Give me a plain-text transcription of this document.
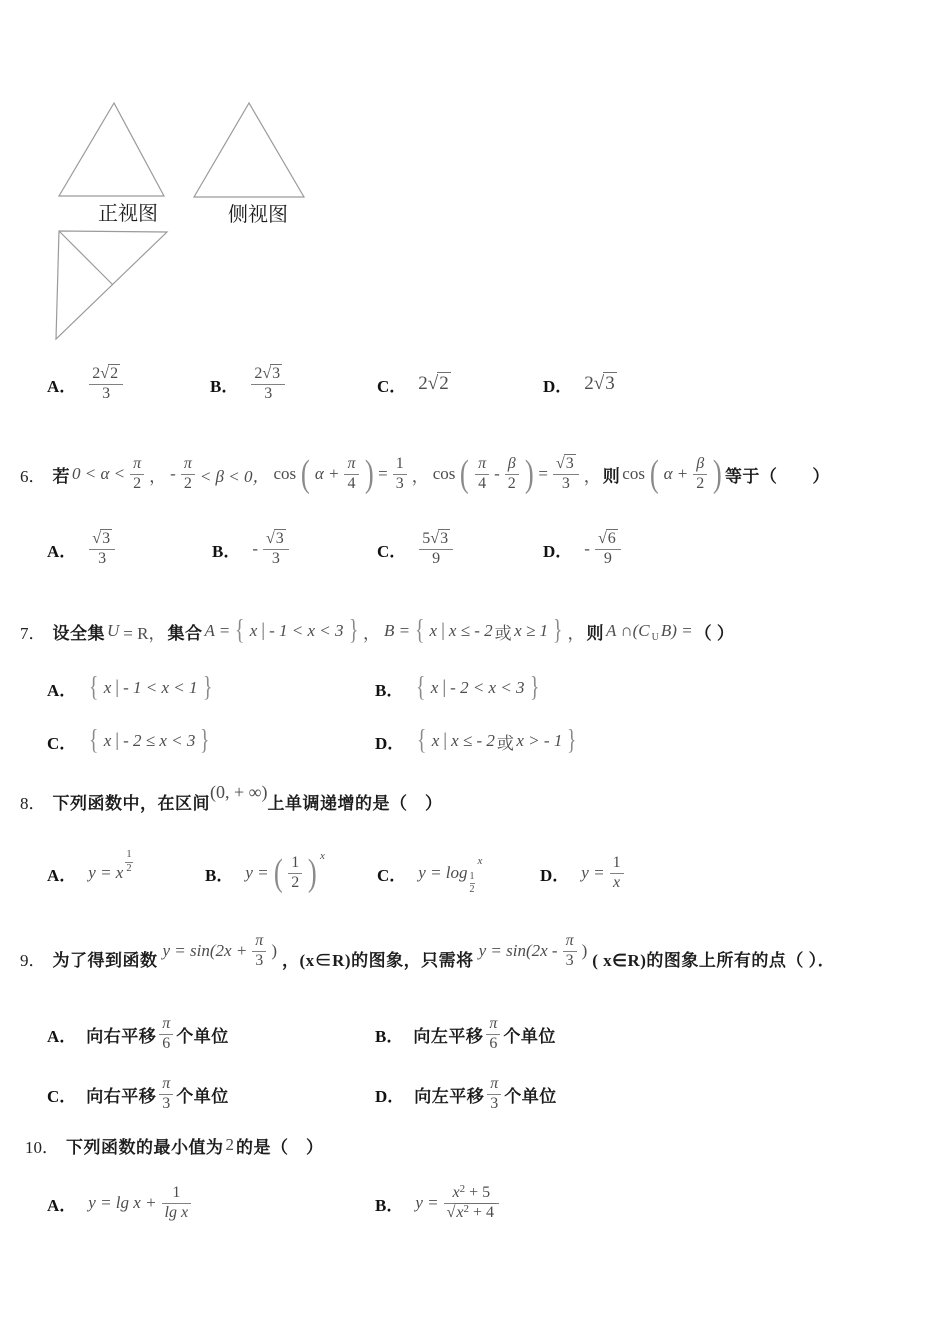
正视图	侧视图
A． $\frac{2√2}{3}$	B． $\frac{2√3}{3}$	C． 2√2	D． 2√3
6． 若 $0 < \alpha < \frac{\pi}{2}$ ， - $\frac{\pi}{2} < \beta < 0$， cos ( $\alpha + \frac{\pi}{4}$ ) = $\frac{1}{3}$ ， cos ( $\frac{\pi}{4} - \frac{\beta}{2}$ ) = $\frac{√3}{3}$ ， 则 cos ( $\alpha + \frac{\beta}{2}$ ) 等于（　　）
A． $\frac{√3}{3}$	B． - $\frac{√3}{3}$	C． $\frac{5√3}{9}$	D． - $\frac{√6}{9}$
7． 设全集 U = R， 集合 A = { x | - 1 < x < 3 } ， B = { x | x ≤ - 2 或 x ≥ 1 } ， 则 A ∩(C U B) = （ ）
A． { x | - 1 < x < 1 }	B． { x | - 2 < x < 3 }
C． { x | - 2 ≤ x < 3 }	D． { x | x ≤ - 2 或 x > - 1 }
8． 下列函数中，在区间
(0, + ∞)
上单调递增的是（　）
A． y = x $\frac{1}{2}$
B． y = ( $\frac{1}{2}$ ) x
C． $y = \log \frac{1}{2}$
x
D． $y = \frac{1}{x}$
9． 为了得到函数 $y = \sin(2x + \frac{\pi}{3}$ ) ，(x∈R)的图象，只需将 $y = \sin(2x - \frac{\pi}{3}$ ) ( x∈R)的图象上所有的点（ ）．
A． 向右平移 $\frac{\pi}{6}$ 个单位	B． 向左平移 $\frac{\pi}{6}$ 个单位
C． 向右平移 $\frac{\pi}{3}$ 个单位	D． 向左平移 $\frac{\pi}{3}$ 个单位
10． 下列函数的最小值为 2 的是（　）
A． $y = \lg x + \frac{1}{\text{lg x}}$	B． $y = \frac{x^2 + 5}{√x^2 + 4}$
